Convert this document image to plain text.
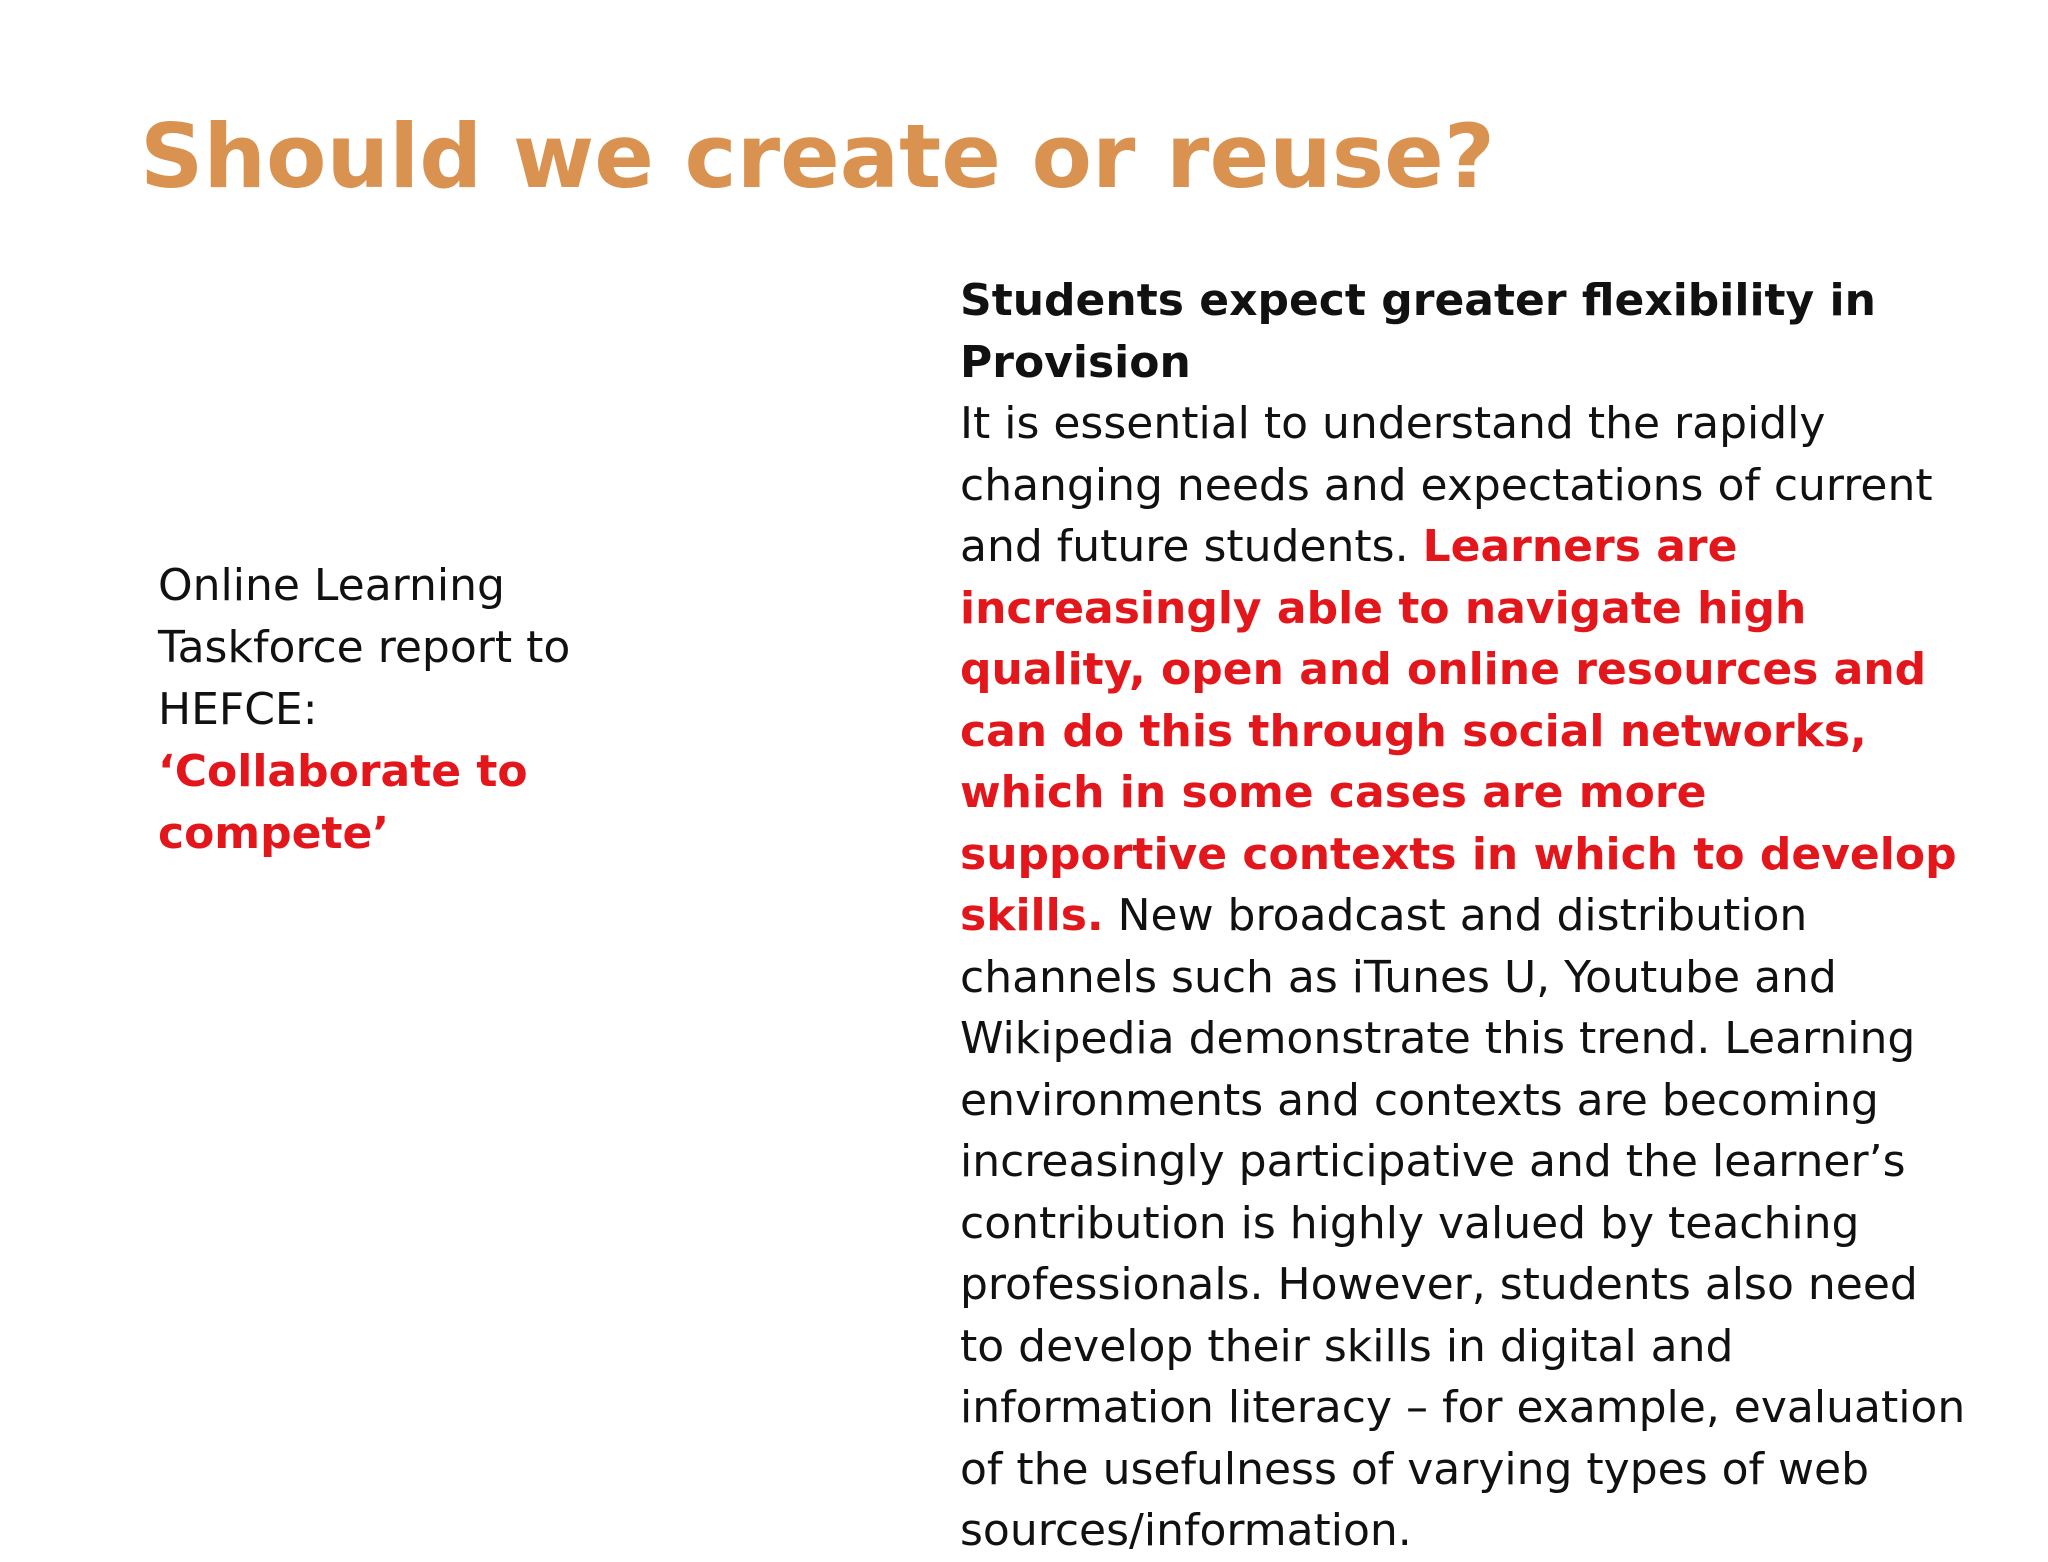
Should we create or reuse?
Online Learning
Taskforce report to
HEFCE:
‘Collaborate to
compete’
Students expect greater flexibility in Provision

It is essential to understand the rapidly changing needs and expectations of current and future students. Learners are increasingly able to navigate high quality, open and online resources and can do this through social networks, which in some cases are more supportive contexts in which to develop skills. New broadcast and distribution channels such as iTunes U, Youtube and Wikipedia demonstrate this trend. Learning environments and contexts are becoming increasingly participative and the learner’s contribution is highly valued by teaching professionals. However, students also need to develop their skills in digital and information literacy – for example, evaluation of the usefulness of varying types of web sources/information.
